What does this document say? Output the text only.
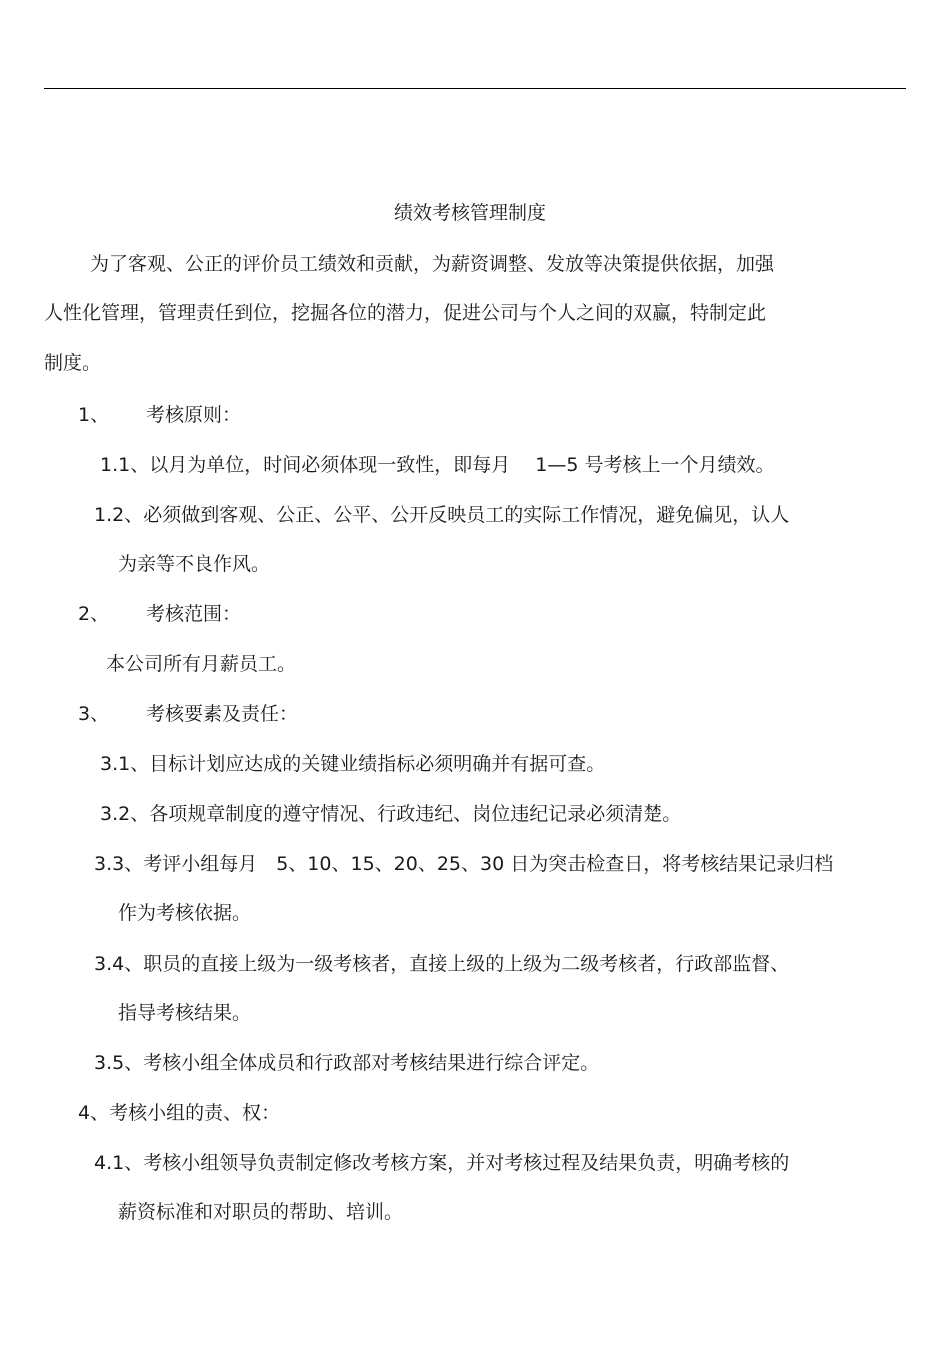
绩效考核管理制度
为了客观、公正的评价员工绩效和贡献，为薪资调整、发放等决策提供依据，加强
人性化管理，管理责任到位，挖掘各位的潜力，促进公司与个人之间的双赢，特制定此
制度。
1、 考核原则：
1.1、以月为单位，时间必须体现一致性，即每月　 1—5 号考核上一个月绩效。
1.2、必须做到客观、公正、公平、公开反映员工的实际工作情况，避免偏见，认人
为亲等不良作风。
2、 考核范围：
本公司所有月薪员工。
3、 考核要素及责任：
3.1、目标计划应达成的关键业绩指标必须明确并有据可查。
3.2、各项规章制度的遵守情况、行政违纪、岗位违纪记录必须清楚。
3.3、考评小组每月　5、10、15、20、25、30 日为突击检查日，将考核结果记录归档
作为考核依据。
3.4、职员的直接上级为一级考核者，直接上级的上级为二级考核者，行政部监督、
指导考核结果。
3.5、考核小组全体成员和行政部对考核结果进行综合评定。
4、考核小组的责、权：
4.1、考核小组领导负责制定修改考核方案，并对考核过程及结果负责，明确考核的
薪资标准和对职员的帮助、培训。
